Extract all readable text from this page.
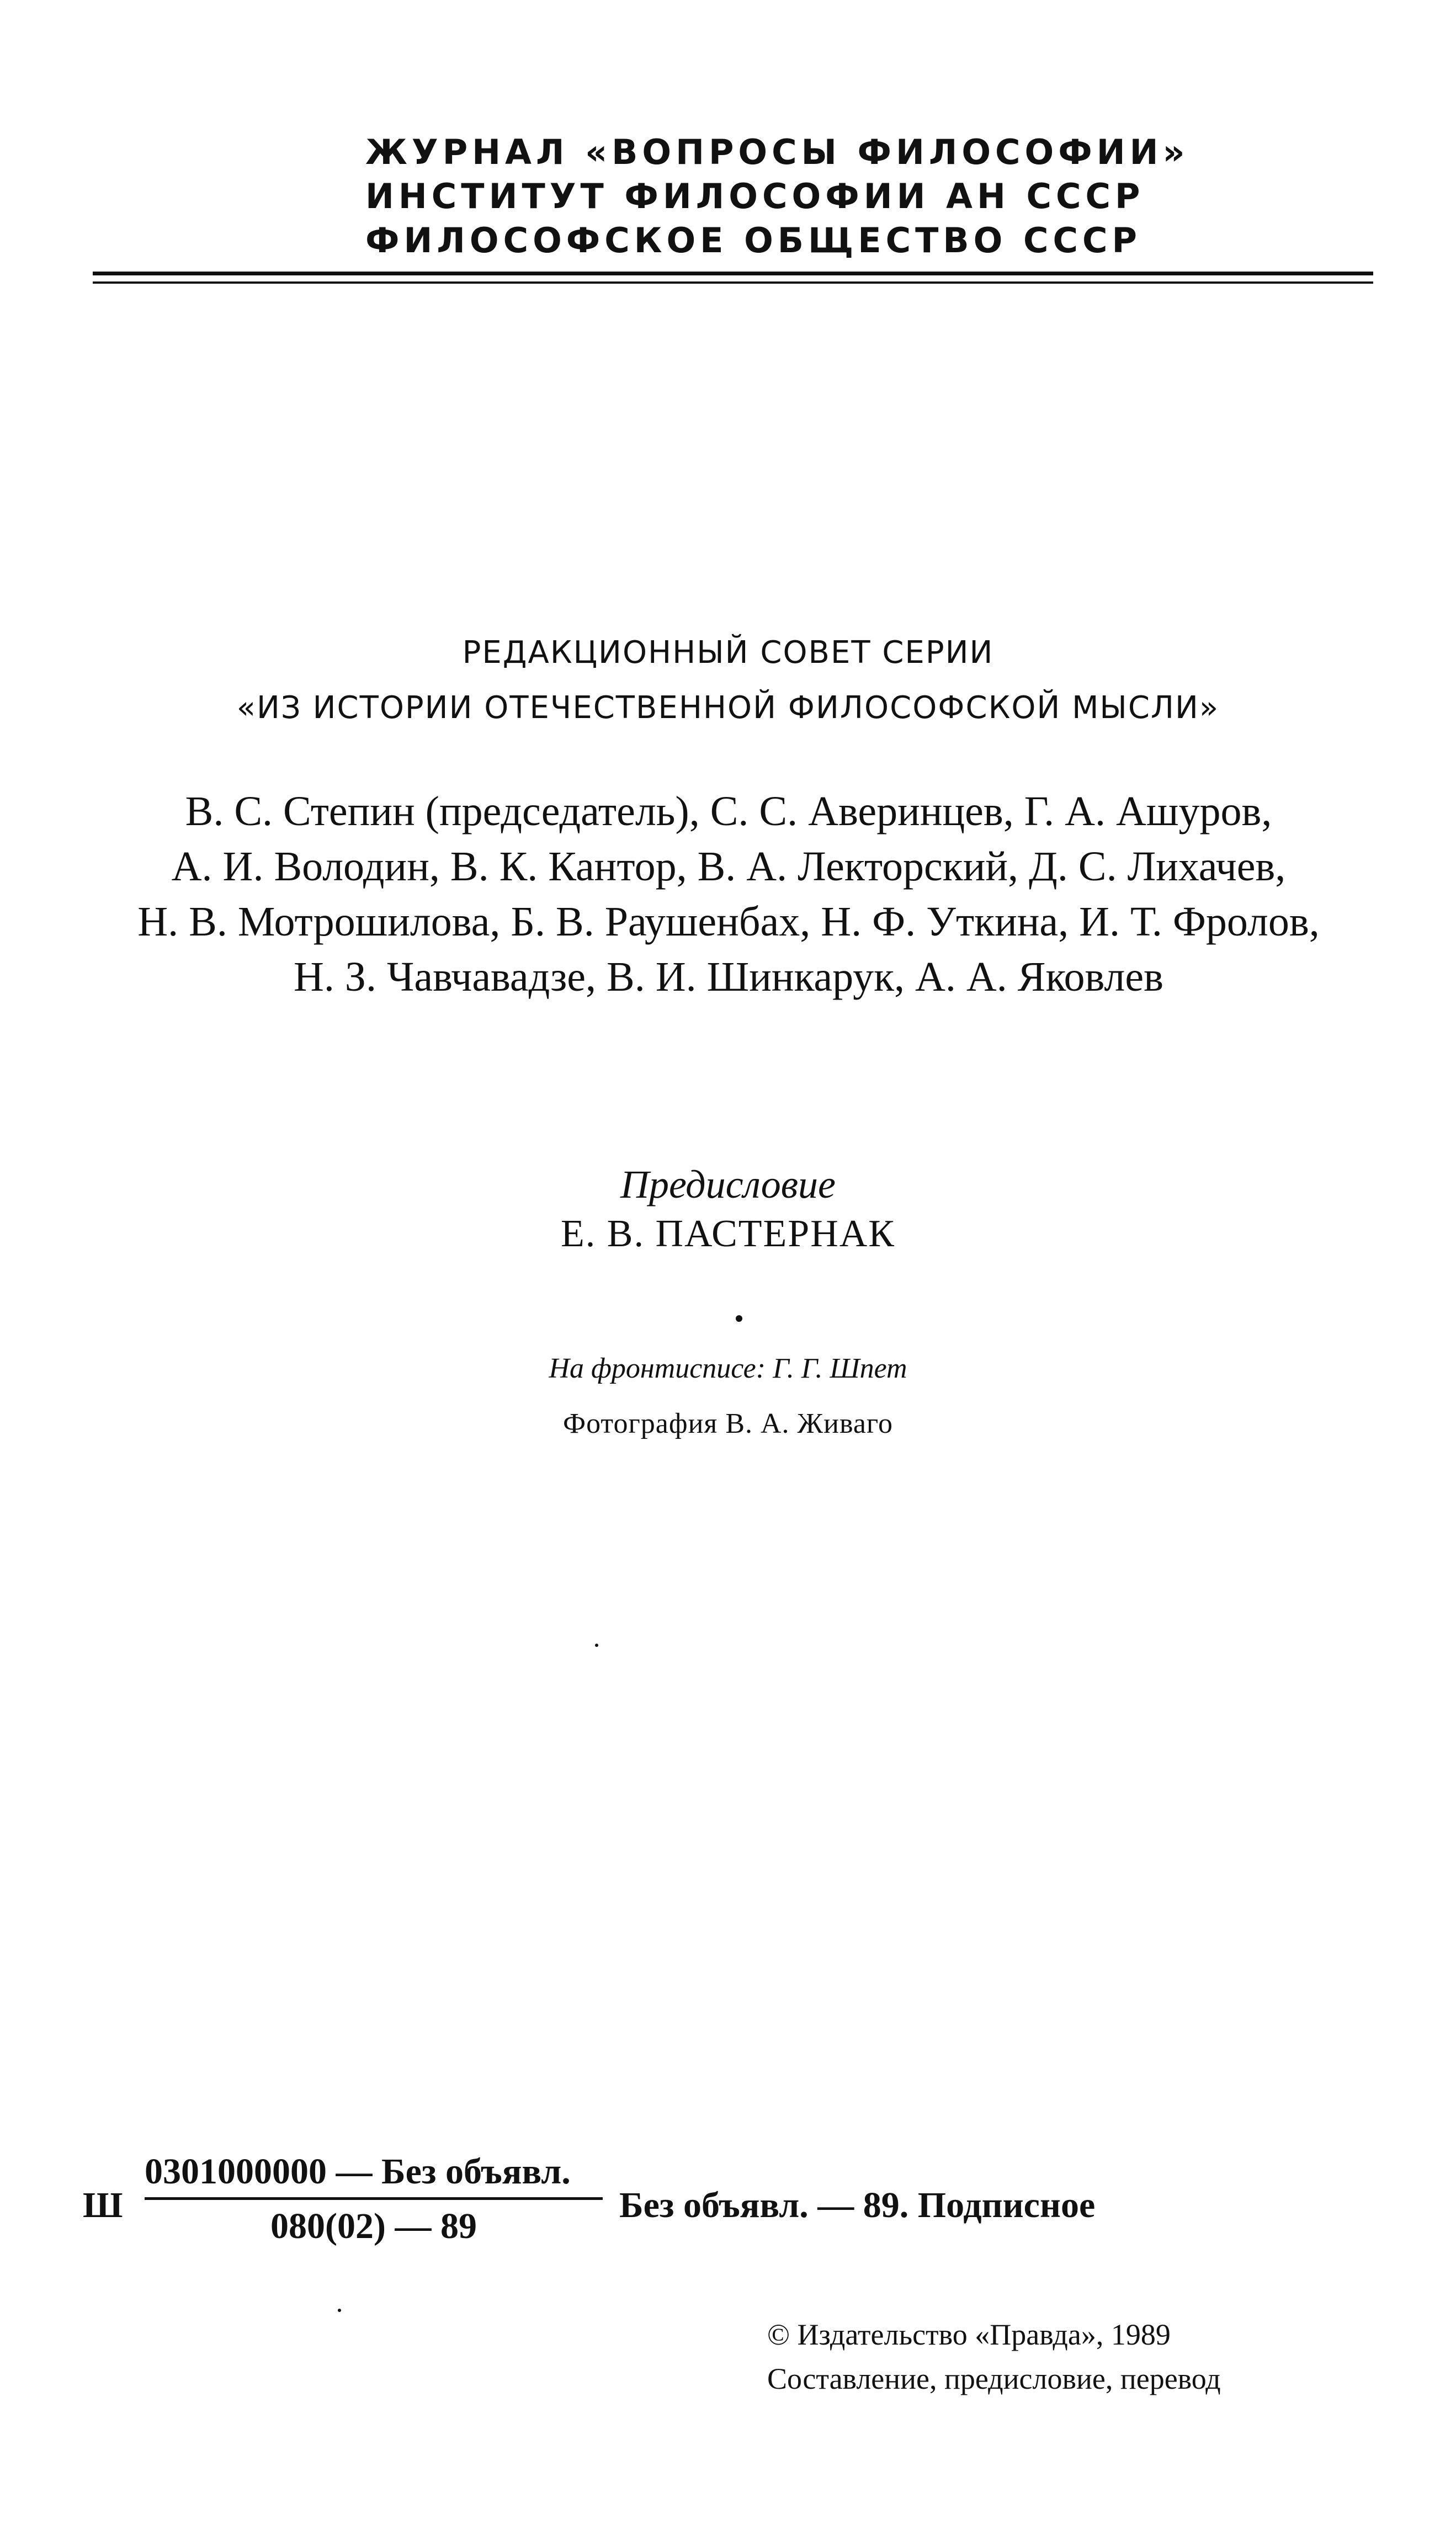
ЖУРНАЛ «ВОПРОСЫ ФИЛОСОФИИ»
ИНСТИТУТ ФИЛОСОФИИ АН СССР
ФИЛОСОФСКОЕ ОБЩЕСТВО СССР
РЕДАКЦИОННЫЙ СОВЕТ СЕРИИ
«ИЗ ИСТОРИИ ОТЕЧЕСТВЕННОЙ ФИЛОСОФСКОЙ МЫСЛИ»
В. С. Степин (председатель), С. С. Аверинцев, Г. А. Ашуров,
А. И. Володин, В. К. Кантор, В. А. Лекторский, Д. С. Лихачев,
Н. В. Мотрошилова, Б. В. Раушенбах, Н. Ф. Уткина, И. Т. Фролов,
Н. З. Чавчавадзе, В. И. Шинкарук, А. А. Яковлев
Предисловие
Е. В. ПАСТЕРНАК
На фронтисписе: Г. Г. Шпет
Фотография В. А. Живаго
Ш
0301000000 — Без объявл.
080(02) — 89
Без объявл. — 89. Подписное
© Издательство «Правда», 1989
Составление, предисловие, перевод
